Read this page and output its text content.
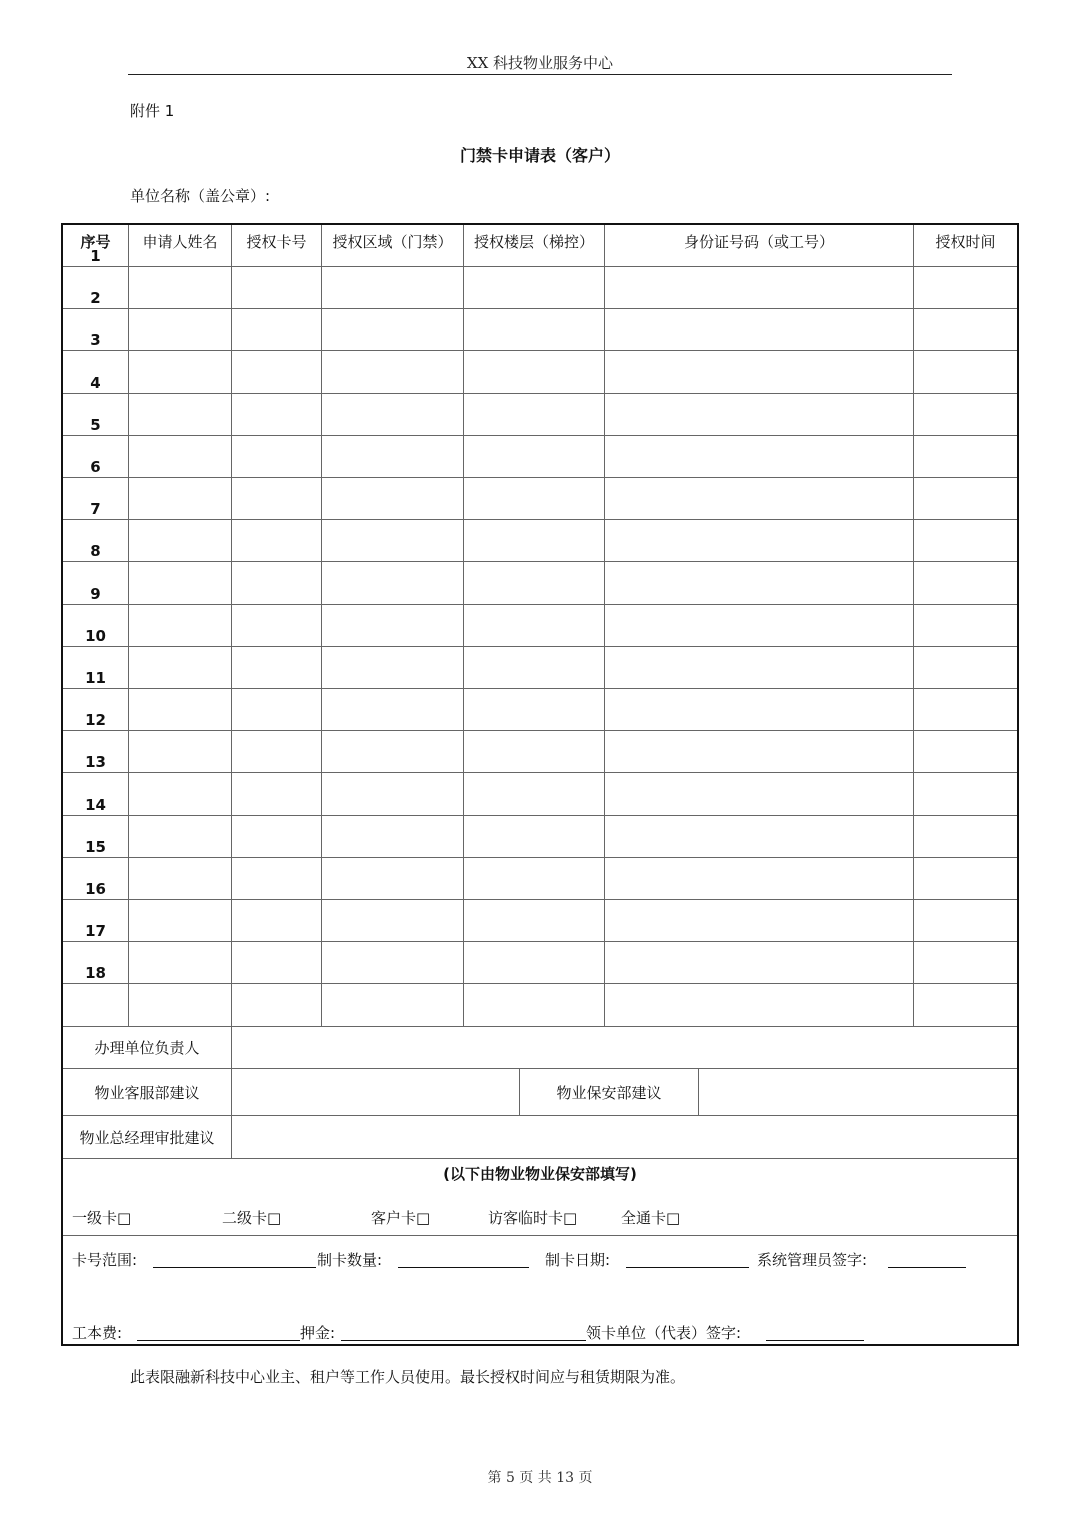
XX 科技物业服务中心
附件 1
门禁卡申请表（客户）
单位名称（盖公章）:
序号	申请人姓名	授权卡号	授权区域（门禁）	授权楼层（梯控）	身份证号码（或工号）	授权时间
1
2
3
4
5
6
7
8
9
10
11
12
13
14
15
16
17
18
办理单位负责人
物业客服部建议	物业保安部建议
物业总经理审批建议
(以下由物业物业保安部填写)
一级卡□	二级卡□	客户卡□	访客临时卡□	全通卡□
卡号范围:	制卡数量:	制卡日期:	系统管理员签字:
工本费:	押金:	领卡单位（代表）签字:
此表限融新科技中心业主、租户等工作人员使用。最长授权时间应与租赁期限为准。
第 5 页 共 13 页
